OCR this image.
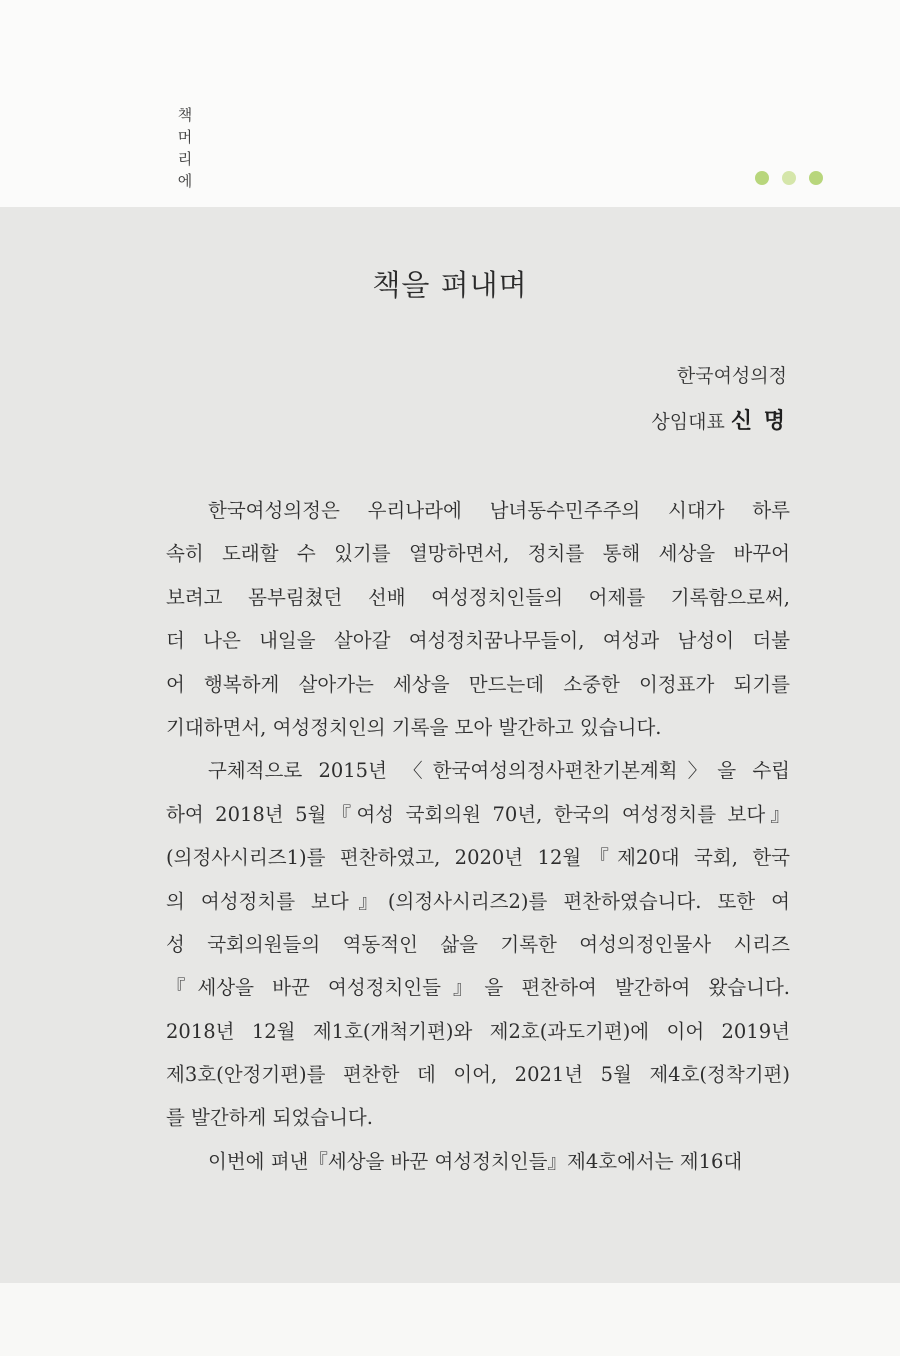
책
머
리
에
책을 펴내며
한국여성의정
상임대표 신 명
한국여성의정은 우리나라에 남녀동수민주주의 시대가 하루
속히 도래할 수 있기를 열망하면서, 정치를 통해 세상을 바꾸어
보려고 몸부림쳤던 선배 여성정치인들의 어제를 기록함으로써,
더 나은 내일을 살아갈 여성정치꿈나무들이, 여성과 남성이 더불
어 행복하게 살아가는 세상을 만드는데 소중한 이정표가 되기를
기대하면서, 여성정치인의 기록을 모아 발간하고 있습니다.
구체적으로 2015년 〈한국여성의정사편찬기본계획〉을 수립
하여 2018년 5월『여성 국회의원 70년, 한국의 여성정치를 보다』
(의정사시리즈1)를 편찬하였고, 2020년 12월『제20대 국회, 한국
의 여성정치를 보다』(의정사시리즈2)를 편찬하였습니다. 또한 여
성 국회의원들의 역동적인 삶을 기록한 여성의정인물사 시리즈
『세상을 바꾼 여성정치인들』을 편찬하여 발간하여 왔습니다.
2018년 12월 제1호(개척기편)와 제2호(과도기편)에 이어 2019년
제3호(안정기편)를 편찬한 데 이어, 2021년 5월 제4호(정착기편)
를 발간하게 되었습니다.
이번에 펴낸『세상을 바꾼 여성정치인들』제4호에서는 제16대
